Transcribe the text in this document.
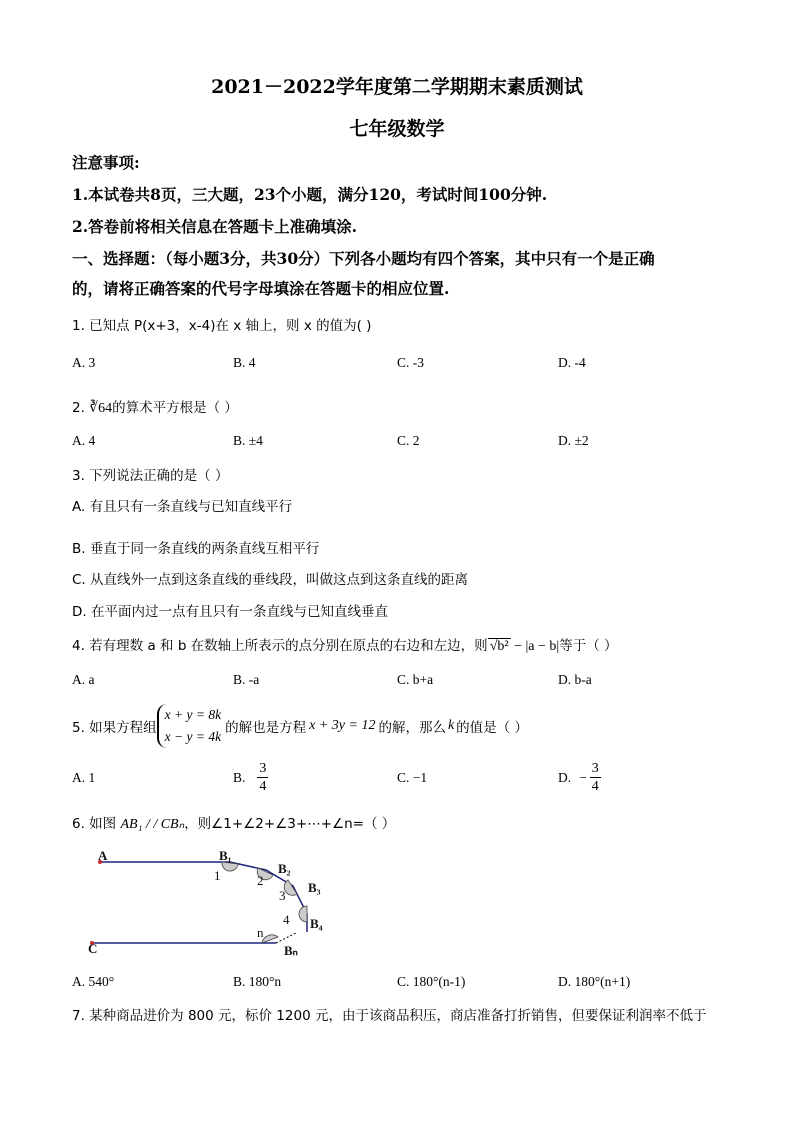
2021－2022学年度第二学期期末素质测试
七年级数学
注意事项:
1.本试卷共8页，三大题，23个小题，满分120，考试时间100分钟.
2.答卷前将相关信息在答题卡上准确填涂.
一、选择题：（每小题3分，共30分）下列各小题均有四个答案，其中只有一个是正确
的，请将正确答案的代号字母填涂在答题卡的相应位置.
1. 已知点 P(x+3，x-4)在 x 轴上，则 x 的值为( )
A. 3	B. 4	C. -3	D. -4
2. ∛64的算术平方根是（ ）
A. 4	B. ±4	C. 2	D. ±2
3. 下列说法正确的是（ ）
A. 有且只有一条直线与已知直线平行
B. 垂直于同一条直线的两条直线互相平行
C. 从直线外一点到这条直线的垂线段，叫做这点到这条直线的距离
D. 在平面内过一点有且只有一条直线与已知直线垂直
4. 若有理数 a 和 b 在数轴上所表示的点分别在原点的右边和左边，则 √b² − |a − b|等于（ ）
A. a	B. -a	C. b+a	D. b-a
5. 如果方程组
x + y = 8k
x − y = 4k
的解也是方程 x + 3y = 12 的解，那么 k 的值是（ ）
A. 1	B. $\frac{3}{4}$	C. −1	D. − $\frac{3}{4}$
6. 如图 AB₁ / / CBₙ，则∠1+∠2+∠3+⋯+∠n=（ ）
A
C
B₁
B₂
B₃
B₄
Bₙ
1	2
3
4
n
A. 540°	B. 180°n	C. 180°(n-1)	D. 180°(n+1)
7. 某种商品进价为 800 元，标价 1200 元，由于该商品积压，商店准备打折销售，但要保证利润率不低于
